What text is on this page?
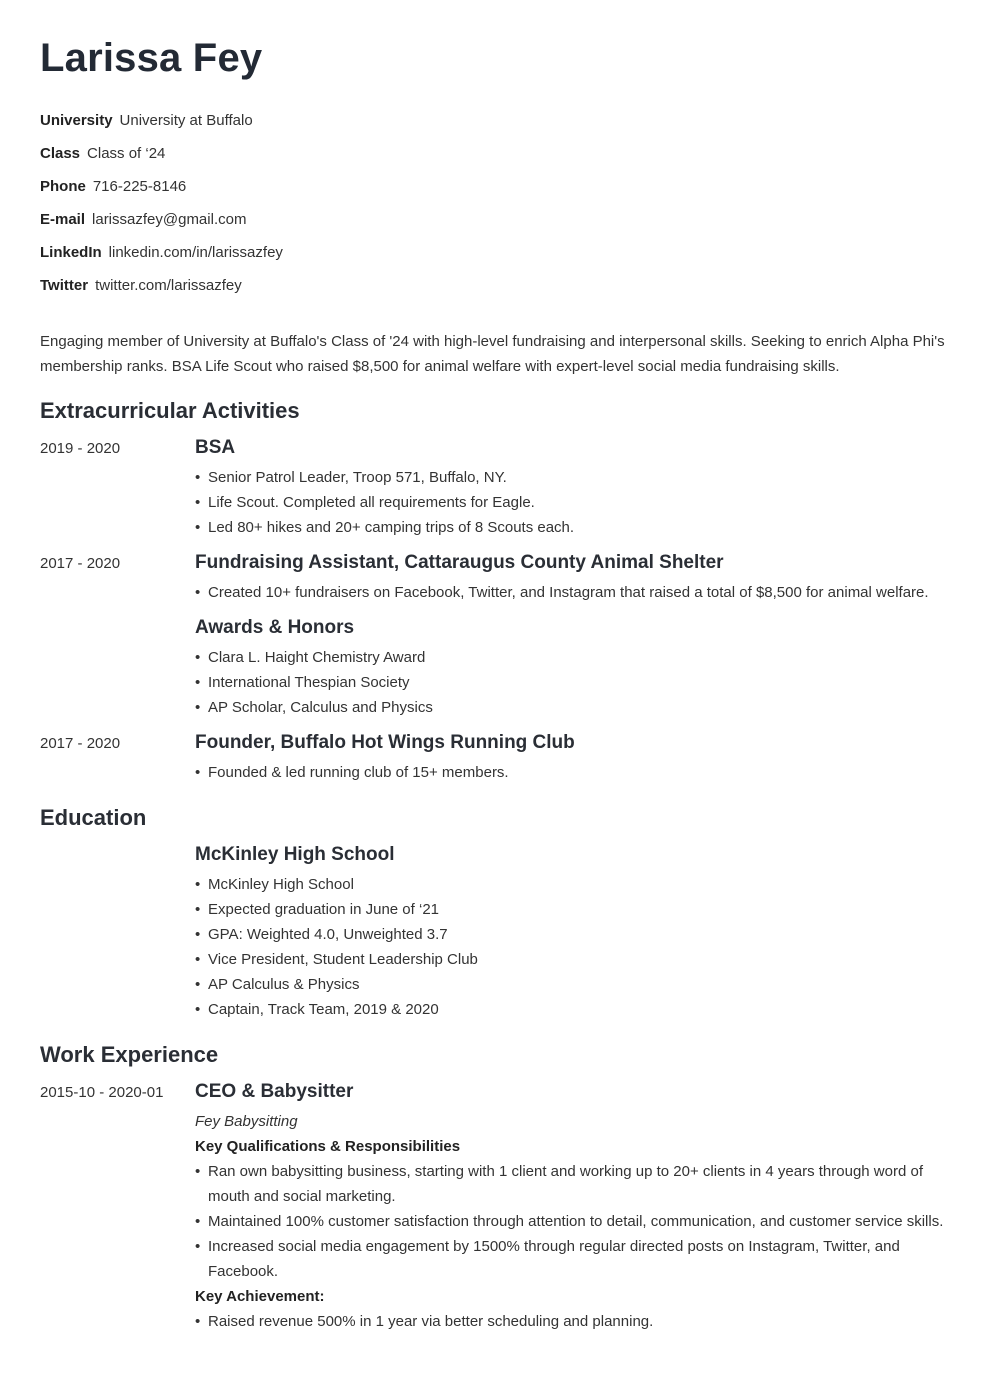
Larissa Fey
University University at Buffalo
Class Class of ‘24
Phone 716-225-8146
E-mail larissazfey@gmail.com
LinkedIn linkedin.com/in/larissazfey
Twitter twitter.com/larissazfey

Engaging member of University at Buffalo's Class of '24 with high-level fundraising and interpersonal skills. Seeking to enrich Alpha Phi's membership ranks. BSA Life Scout who raised $8,500 for animal welfare with expert-level social media fundraising skills.

Extracurricular Activities
2019 - 2020	BSA
• Senior Patrol Leader, Troop 571, Buffalo, NY.
• Life Scout. Completed all requirements for Eagle.
• Led 80+ hikes and 20+ camping trips of 8 Scouts each.
2017 - 2020	Fundraising Assistant, Cattaraugus County Animal Shelter
• Created 10+ fundraisers on Facebook, Twitter, and Instagram that raised a total of $8,500 for animal welfare.
Awards & Honors
• Clara L. Haight Chemistry Award
• International Thespian Society
• AP Scholar, Calculus and Physics
2017 - 2020	Founder, Buffalo Hot Wings Running Club
• Founded & led running club of 15+ members.
Education
McKinley High School
• McKinley High School
• Expected graduation in June of ‘21
• GPA: Weighted 4.0, Unweighted 3.7
• Vice President, Student Leadership Club
• AP Calculus & Physics
• Captain, Track Team, 2019 & 2020
Work Experience
2015-10 - 2020-01 CEO & Babysitter
Fey Babysitting
Key Qualifications & Responsibilities
• Ran own babysitting business, starting with 1 client and working up to 20+ clients in 4 years through word of mouth and social marketing.
• Maintained 100% customer satisfaction through attention to detail, communication, and customer service skills.
• Increased social media engagement by 1500% through regular directed posts on Instagram, Twitter, and Facebook.
Key Achievement:
• Raised revenue 500% in 1 year via better scheduling and planning.
